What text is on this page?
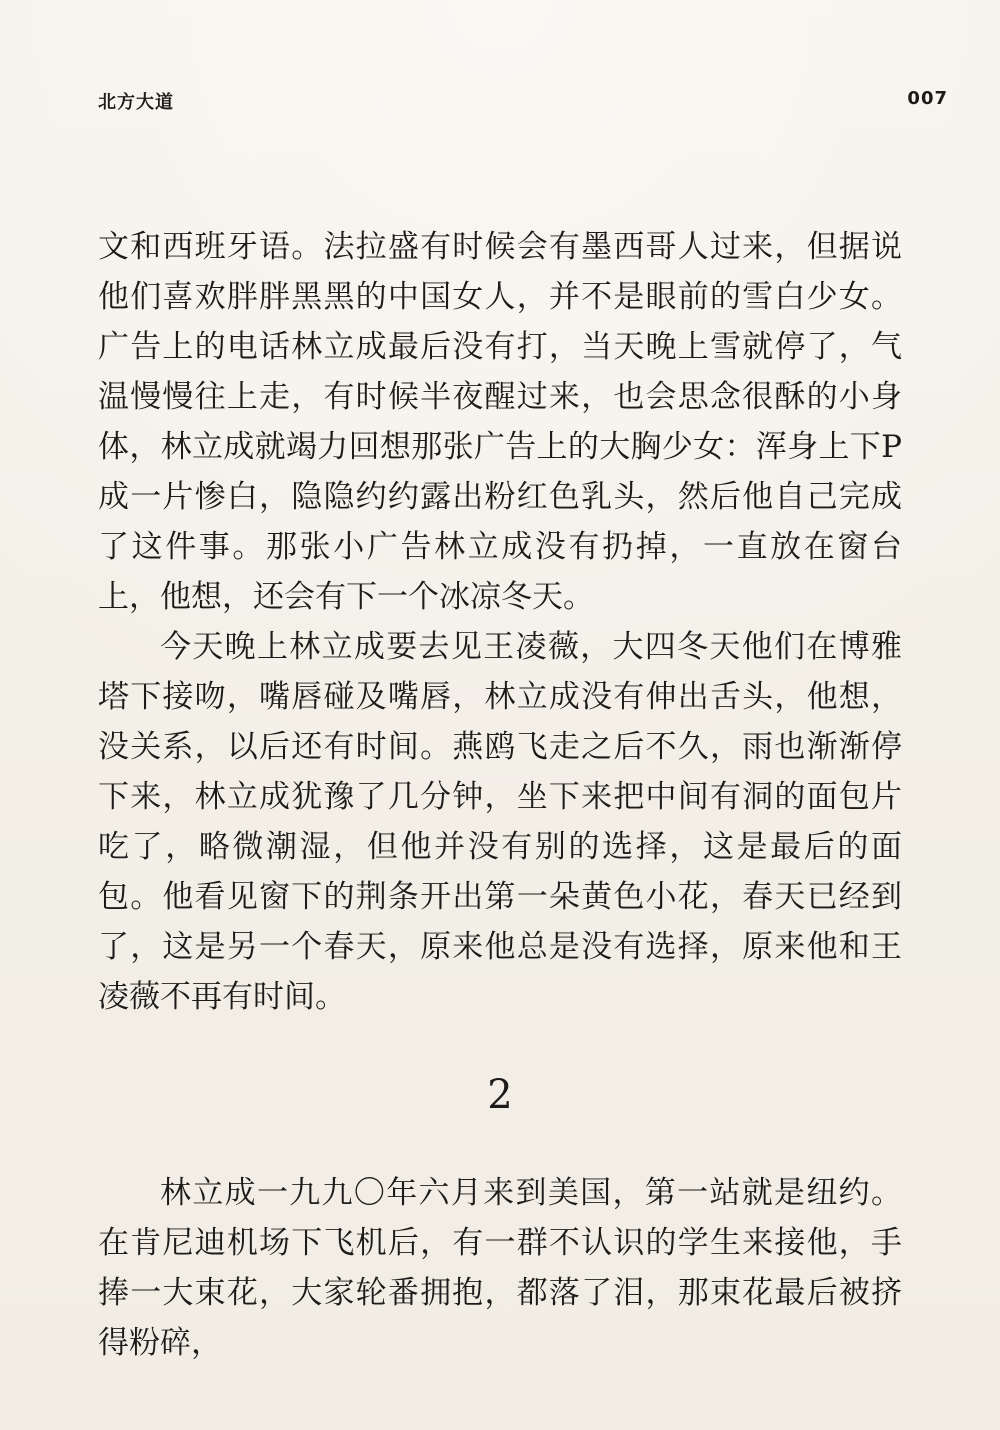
北方大道	007

文和西班牙语。法拉盛有时候会有墨西哥人过来，但据说他们喜欢胖胖黑黑的中国女人，并不是眼前的雪白少女。广告上的电话林立成最后没有打，当天晚上雪就停了，气温慢慢往上走，有时候半夜醒过来，也会思念很酥的小身体，林立成就竭力回想那张广告上的大胸少女：浑身上下P成一片惨白，隐隐约约露出粉红色乳头，然后他自己完成了这件事。那张小广告林立成没有扔掉，一直放在窗台上，他想，还会有下一个冰凉冬天。

今天晚上林立成要去见王凌薇，大四冬天他们在博雅塔下接吻，嘴唇碰及嘴唇，林立成没有伸出舌头，他想，没关系，以后还有时间。燕鸥飞走之后不久，雨也渐渐停下来，林立成犹豫了几分钟，坐下来把中间有洞的面包片吃了，略微潮湿，但他并没有别的选择，这是最后的面包。他看见窗下的荆条开出第一朵黄色小花，春天已经到了，这是另一个春天，原来他总是没有选择，原来他和王凌薇不再有时间。

2

林立成一九九〇年六月来到美国，第一站就是纽约。在肯尼迪机场下飞机后，有一群不认识的学生来接他，手捧一大束花，大家轮番拥抱，都落了泪，那束花最后被挤得粉碎，
